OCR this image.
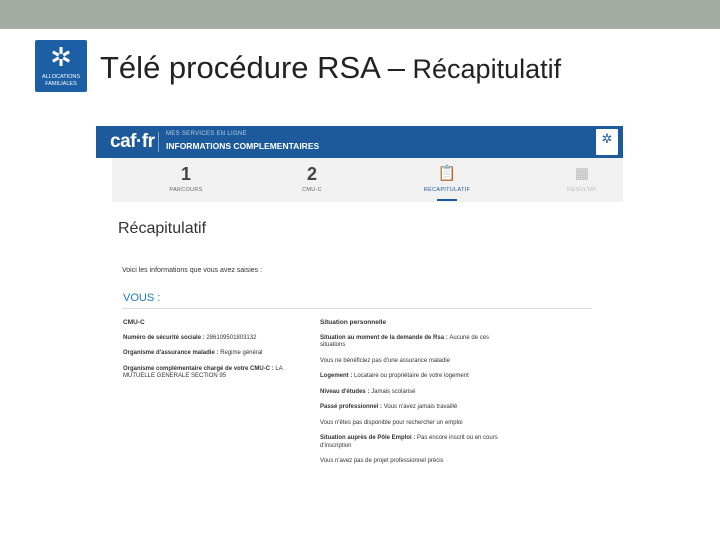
✲
ALLOCATIONS
FAMILIALES Télé procédure RSA – Récapitulatif
caf·fr MES SERVICES EN LIGNE
INFORMATIONS COMPLEMENTAIRES	✲

1
PARCOURS
2
CMU-C
📋
RÉCAPITULATIF
▦
RÉSULTAT
Récapitulatif
Voici les informations que vous avez saisies :
VOUS :
CMU-C
Numéro de sécurité sociale : 286109501803132
Organisme d'assurance maladie : Regime général
Organisme complémentaire chargé de votre CMU-C : LA MUTUELLE GENERALE SECTION 95
Situation personnelle
Situation au moment de la demande de Rsa : Aucune de ces situations
Vous ne bénéficiez pas d'une assurance maladie
Logement : Locataire ou propriétaire de votre logement
Niveau d'études : Jamais scolarisé
Passé professionnel : Vous n'avez jamais travaillé
Vous n'êtes pas disponible pour rechercher un emploi
Situation auprès de Pôle Emploi : Pas encore inscrit ou en cours d'inscription
Vous n'avez pas de projet professionnel précis
